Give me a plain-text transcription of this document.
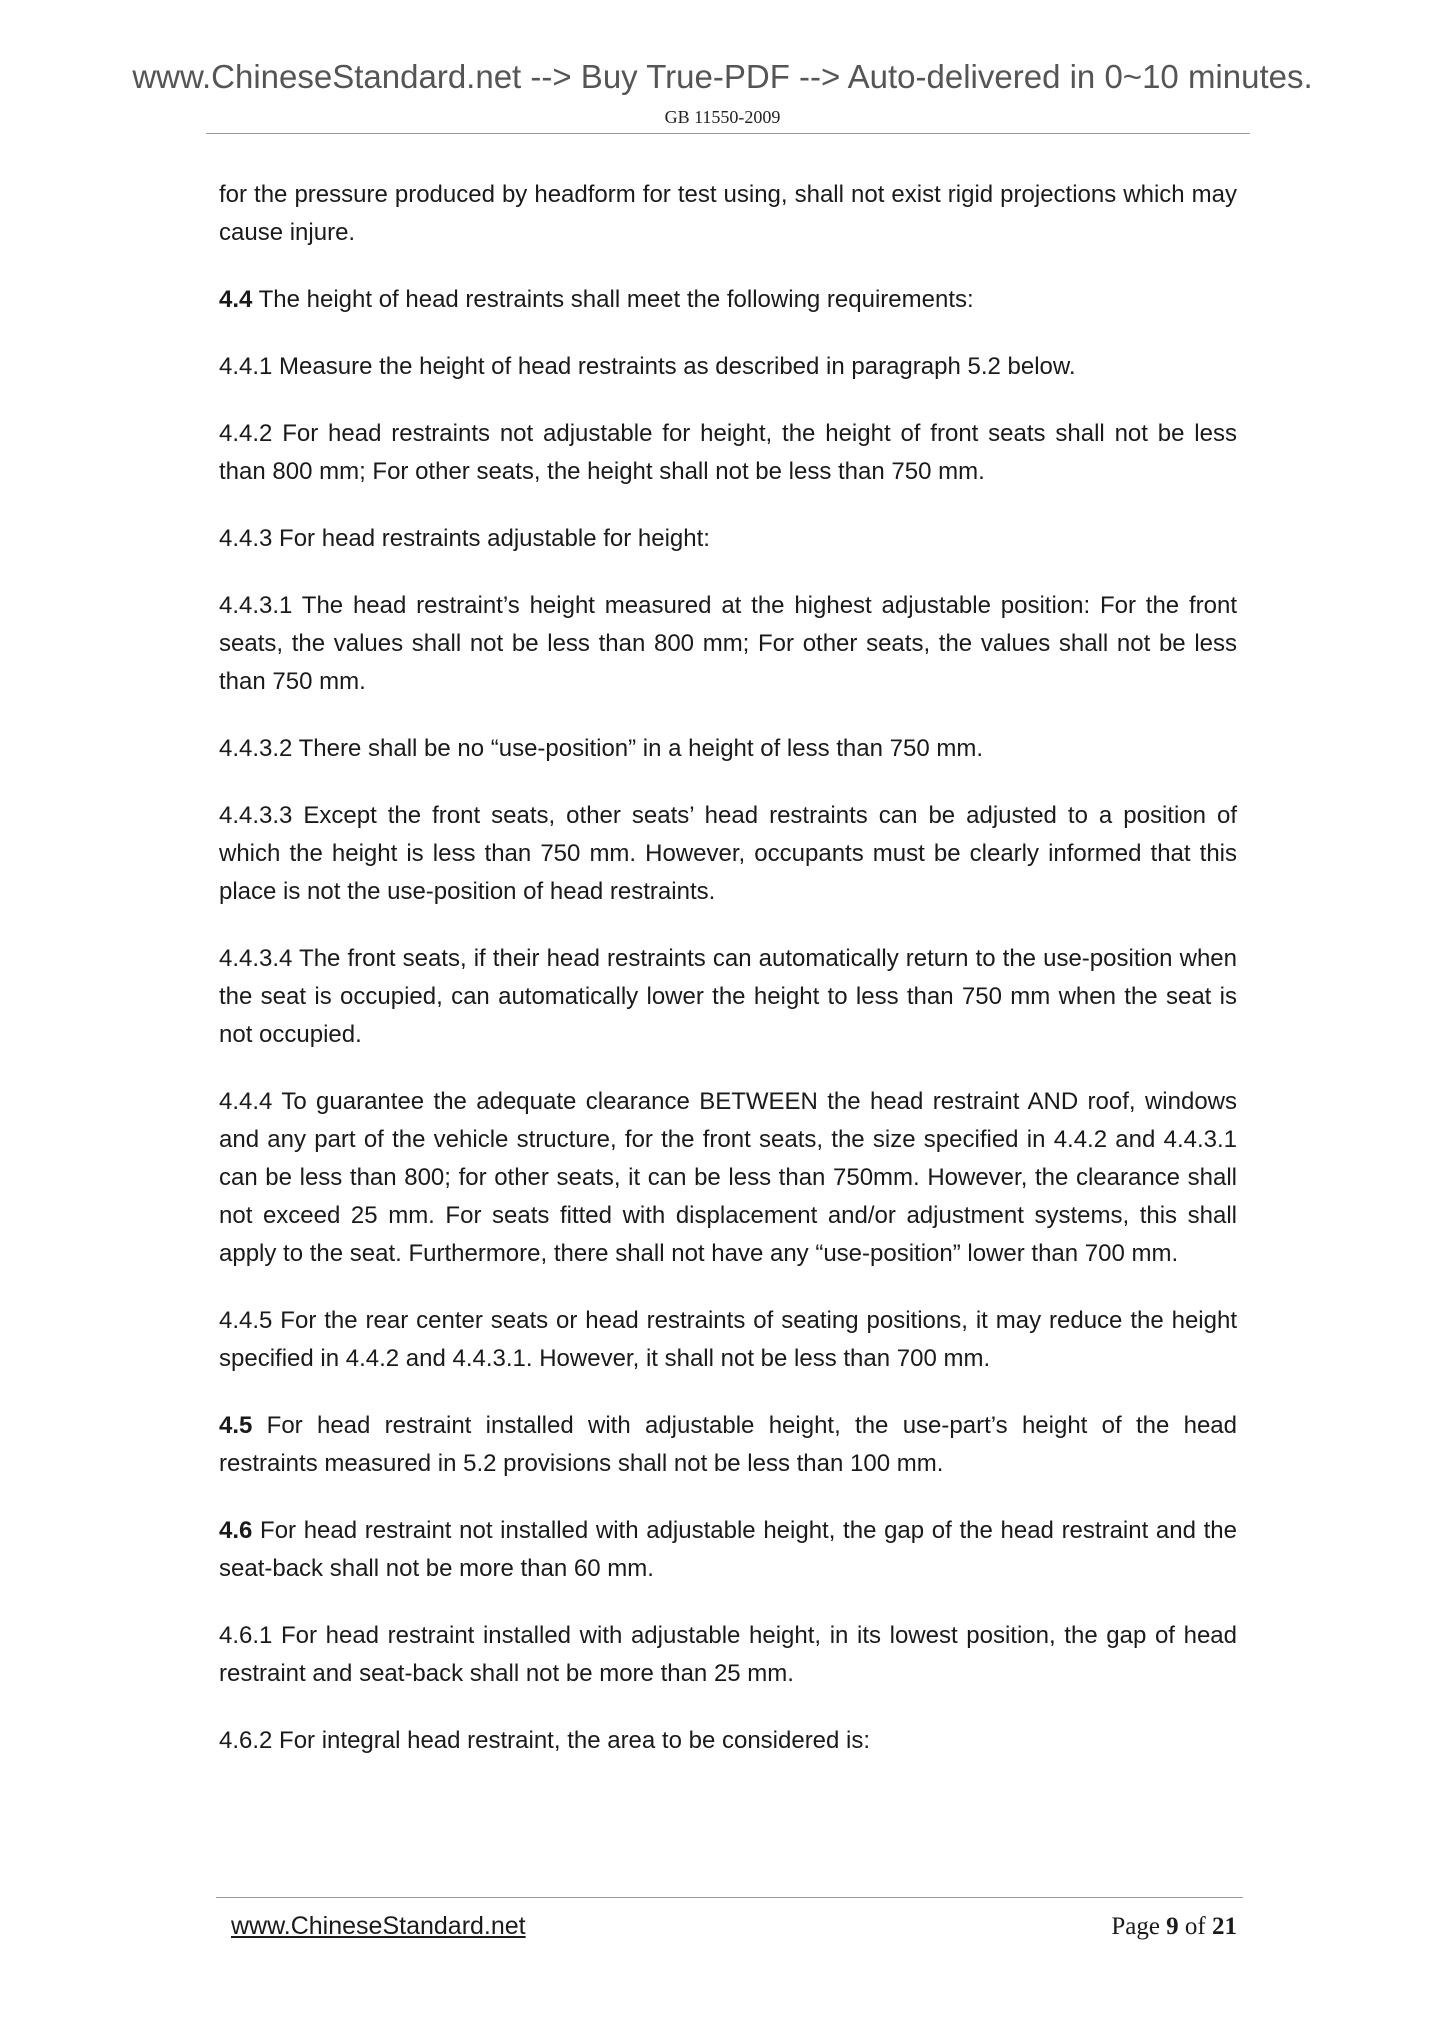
www.ChineseStandard.net --> Buy True-PDF --> Auto-delivered in 0~10 minutes.
GB 11550-2009

for the pressure produced by headform for test using, shall not exist rigid projections which may cause injure.

4.4 The height of head restraints shall meet the following requirements:

4.4.1 Measure the height of head restraints as described in paragraph 5.2 below.

4.4.2 For head restraints not adjustable for height, the height of front seats shall not be less than 800 mm; For other seats, the height shall not be less than 750 mm.

4.4.3 For head restraints adjustable for height:

4.4.3.1 The head restraint’s height measured at the highest adjustable position: For the front seats, the values shall not be less than 800 mm; For other seats, the values shall not be less than 750 mm.

4.4.3.2 There shall be no “use-position” in a height of less than 750 mm.

4.4.3.3 Except the front seats, other seats’ head restraints can be adjusted to a position of which the height is less than 750 mm. However, occupants must be clearly informed that this place is not the use-position of head restraints.

4.4.3.4 The front seats, if their head restraints can automatically return to the use-position when the seat is occupied, can automatically lower the height to less than 750 mm when the seat is not occupied.

4.4.4 To guarantee the adequate clearance BETWEEN the head restraint AND roof, windows and any part of the vehicle structure, for the front seats, the size specified in 4.4.2 and 4.4.3.1 can be less than 800; for other seats, it can be less than 750mm. However, the clearance shall not exceed 25 mm. For seats fitted with displacement and/or adjustment systems, this shall apply to the seat. Furthermore, there shall not have any “use-position” lower than 700 mm.

4.4.5 For the rear center seats or head restraints of seating positions, it may reduce the height specified in 4.4.2 and 4.4.3.1. However, it shall not be less than 700 mm.

4.5 For head restraint installed with adjustable height, the use-part’s height of the head restraints measured in 5.2 provisions shall not be less than 100 mm.

4.6 For head restraint not installed with adjustable height, the gap of the head restraint and the seat-back shall not be more than 60 mm.

4.6.1 For head restraint installed with adjustable height, in its lowest position, the gap of head restraint and seat-back shall not be more than 25 mm.

4.6.2 For integral head restraint, the area to be considered is:

www.ChineseStandard.net	Page 9 of 21
